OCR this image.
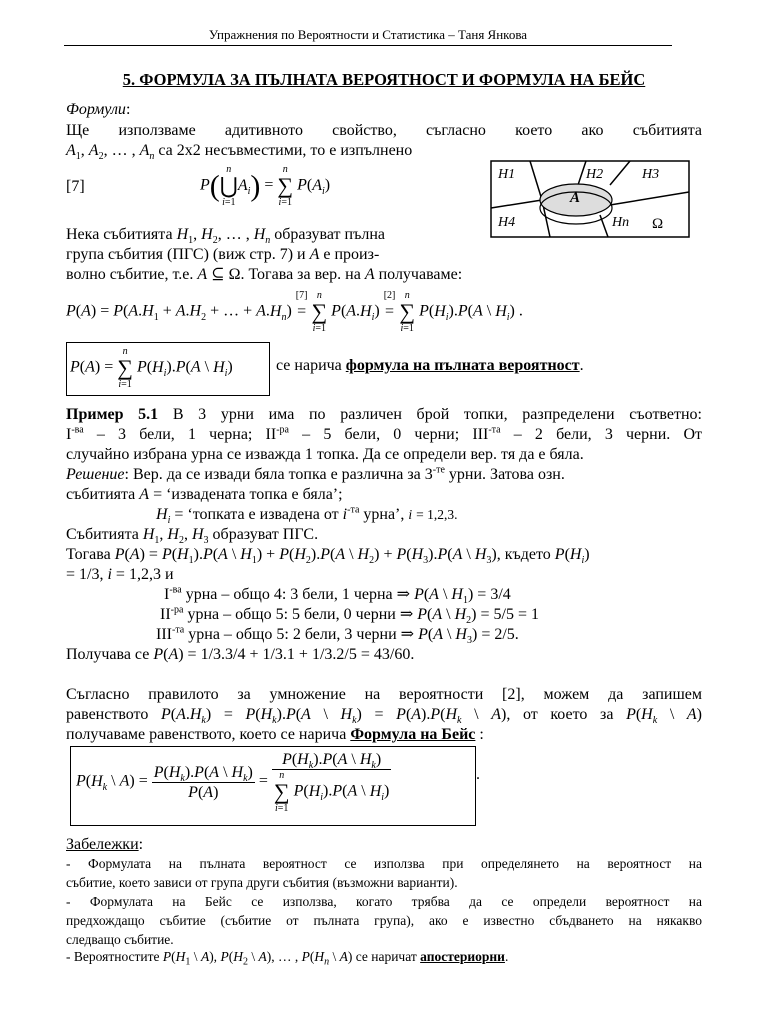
Упражнения по Вероятности и Статистика – Таня Янкова
5. ФОРМУЛА ЗА ПЪЛНАТА ВЕРОЯТНОСТ И ФОРМУЛА НА БЕЙС
Формули:
Ще използваме адитивното свойство, съгласно което ако събитията
$A_1$, $A_2$, … , $A_n$ са 2х2 несъвместими, то е изпълнено
[7]	P( n
⋃
i=1
$A_i$) =
n
∑
i=1
$P(A_i)$
H1	H2	H3
H4	Hn
A
Ω
Нека събитията $H_1$, $H_2$, … , $H_n$ образуват пълна
група събития (ПГС) (виж стр. 7) и A е произ-
волно събитие, т.е. A ⊆ Ω. Тогава за вер. на A получаваме:
$P(A) = P(A.H_1 + A.H_2$ + … + $A.H_n$)
[7]
=

n
∑
i=1
$P(A.H_i)$
[2]
=

n
∑
i=1
$P(H_i).P(A$ \ $H_i$) .
P(A) =
n
∑
i=1
$P(H_i).P(A$ \ $H_i$)	се нарича формула на пълната вероятност.
Пример 5.1 В 3 урни има по различен брой топки, разпределени съответно:
$I^{-ва} - 3$ бели, 1 черна; $II^{-ра} - 5$ бели, 0 черни; $III^{-та} - 2$ бели, 3 черни. От
случайно избрана урна се изважда 1 топка. Да се определи вер. тя да е бяла.
Решение: Вер. да се извади бяла топка е различна за $3^{-те}$ урни. Затова озн.
събитията A = ‘извадената топка е бяла’;
$H_i$ = ‘топката е извадена от $i^{-та}$ урна’, i = 1,2,3.
Събитията $H_1$, $H_2$, $H_3$ образуват ПГС.
Тогава $P(A) = P(H_1).P(A$ \ $H_1) + P(H_2).P(A$ \ $H_2) + P(H_3).P(A$ \ $H_3$), където $P(H_i)$
= 1/3, i = 1,2,3 и
$I^{-ва}$ урна – общо 4: 3 бели, 1 черна ⇒ P(A \ $H_1) = 3/4$
$II^{-ра}$ урна – общо 5: 5 бели, 0 черни ⇒ P(A \ $H_2) = 5/5 = 1$
$III^{-та}$ урна – общо 5: 2 бели, 3 черни ⇒ P(A \ $H_3) = 2/5$.
Получава се P(A) = 1/3.3/4 + 1/3.1 + 1/3.2/5 = 43/60.
Съгласно правилото за умножение на вероятности [2], можем да запишем
равенството $P(A.H_k) = P(H_k).P(A$ \ $H_k) = P(A).P(H_k$ \ A), от което за $P(H_k$ \ A)
получаваме равенството, което се нарича Формула на Бейс :
$P(H_k$ \ $A) = \frac{P(H_k).P(A \backslash H_k)}{P(A)} = P(H_k).P(A$ \ $H_k$)
n
∑
i=1
$P(H_i).P(A$ \ $H_i$)	.
Забележки:
- Формулата на пълната вероятност се използва при определянето на вероятност на
събитие, което зависи от група други събития (възможни варианти).
- Формулата на Бейс се използва, когато трябва да се определи вероятност на
предхождащо събитие (събитие от пълната група), ако е известно сбъдването на някакво
следващо събитие.
- Вероятностите $P(H_1$ \ A), $P(H_2$ \ A), … , $P(H_n$ \ A) се наричат апостериорни.
